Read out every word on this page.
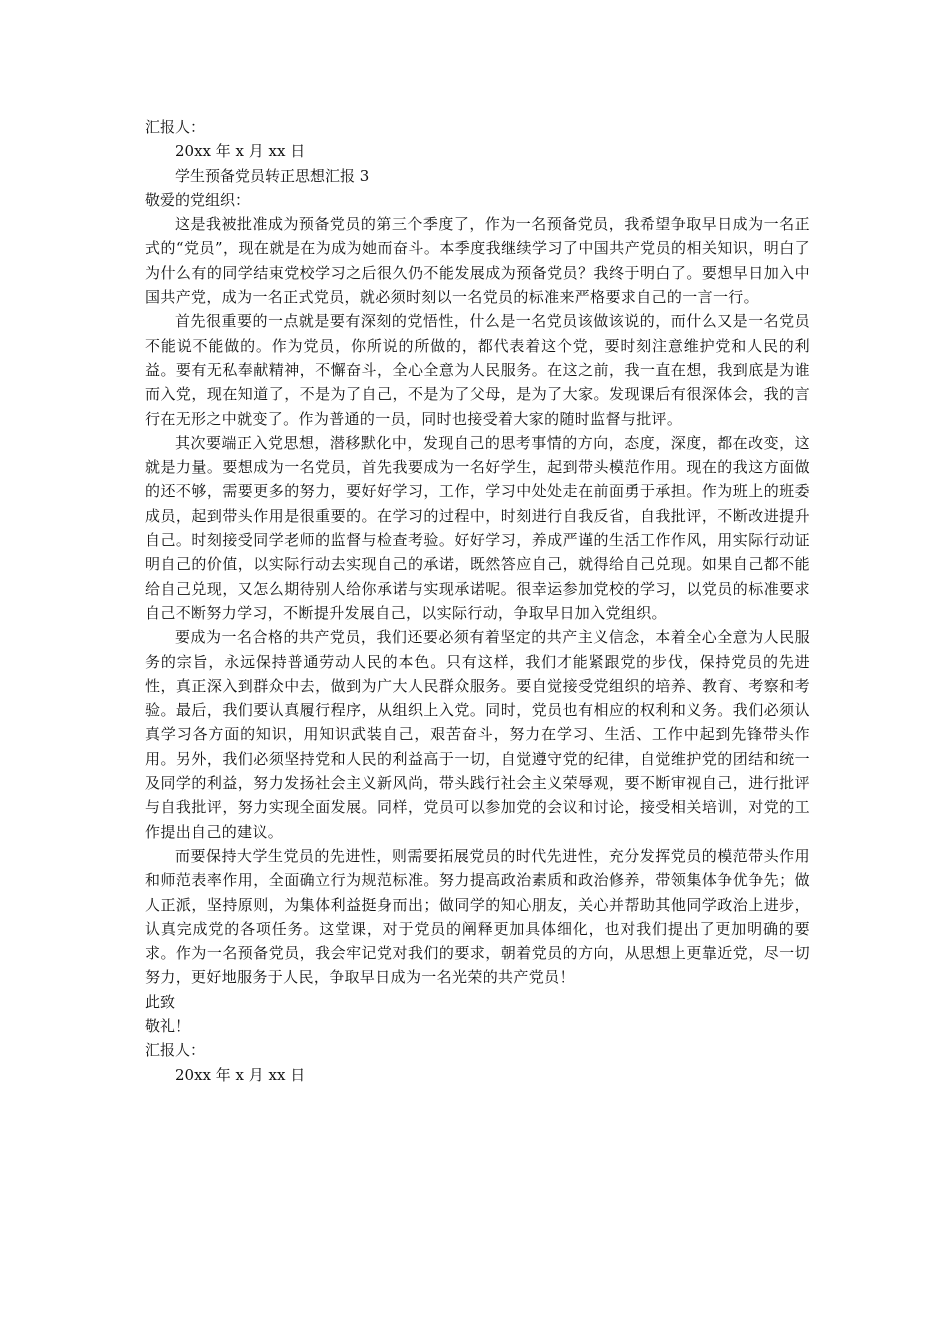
汇报人：

20xx 年 x 月 xx 日

学生预备党员转正思想汇报 3

敬爱的党组织：

这是我被批准成为预备党员的第三个季度了，作为一名预备党员，我希望争取早日成为一名正式的“党员”，现在就是在为成为她而奋斗。本季度我继续学习了中国共产党员的相关知识，明白了为什么有的同学结束党校学习之后很久仍不能发展成为预备党员？我终于明白了。要想早日加入中国共产党，成为一名正式党员，就必须时刻以一名党员的标准来严格要求自己的一言一行。

首先很重要的一点就是要有深刻的党悟性，什么是一名党员该做该说的，而什么又是一名党员不能说不能做的。作为党员，你所说的所做的，都代表着这个党，要时刻注意维护党和人民的利益。要有无私奉献精神，不懈奋斗，全心全意为人民服务。在这之前，我一直在想，我到底是为谁而入党，现在知道了，不是为了自己，不是为了父母，是为了大家。发现课后有很深体会，我的言行在无形之中就变了。作为普通的一员，同时也接受着大家的随时监督与批评。

其次要端正入党思想，潜移默化中，发现自己的思考事情的方向，态度，深度，都在改变，这就是力量。要想成为一名党员，首先我要成为一名好学生，起到带头模范作用。现在的我这方面做的还不够，需要更多的努力，要好好学习，工作，学习中处处走在前面勇于承担。作为班上的班委成员，起到带头作用是很重要的。在学习的过程中，时刻进行自我反省，自我批评，不断改进提升自己。时刻接受同学老师的监督与检查考验。好好学习，养成严谨的生活工作作风，用实际行动证明自己的价值，以实际行动去实现自己的承诺，既然答应自己，就得给自己兑现。如果自己都不能给自己兑现，又怎么期待别人给你承诺与实现承诺呢。很幸运参加党校的学习，以党员的标准要求自己不断努力学习，不断提升发展自己，以实际行动，争取早日加入党组织。

要成为一名合格的共产党员，我们还要必须有着坚定的共产主义信念，本着全心全意为人民服务的宗旨，永远保持普通劳动人民的本色。只有这样，我们才能紧跟党的步伐，保持党员的先进性，真正深入到群众中去，做到为广大人民群众服务。要自觉接受党组织的培养、教育、考察和考验。最后，我们要认真履行程序，从组织上入党。同时，党员也有相应的权利和义务。我们必须认真学习各方面的知识，用知识武装自己，艰苦奋斗，努力在学习、生活、工作中起到先锋带头作用。另外，我们必须坚持党和人民的利益高于一切，自觉遵守党的纪律，自觉维护党的团结和统一及同学的利益，努力发扬社会主义新风尚，带头践行社会主义荣辱观，要不断审视自己，进行批评与自我批评，努力实现全面发展。同样，党员可以参加党的会议和讨论，接受相关培训，对党的工作提出自己的建议。

而要保持大学生党员的先进性，则需要拓展党员的时代先进性，充分发挥党员的模范带头作用和师范表率作用，全面确立行为规范标准。努力提高政治素质和政治修养，带领集体争优争先；做人正派，坚持原则，为集体利益挺身而出；做同学的知心朋友，关心并帮助其他同学政治上进步，认真完成党的各项任务。这堂课，对于党员的阐释更加具体细化，也对我们提出了更加明确的要求。作为一名预备党员，我会牢记党对我们的要求，朝着党员的方向，从思想上更靠近党，尽一切努力，更好地服务于人民，争取早日成为一名光荣的共产党员！

此致

敬礼！

汇报人：

20xx 年 x 月 xx 日
